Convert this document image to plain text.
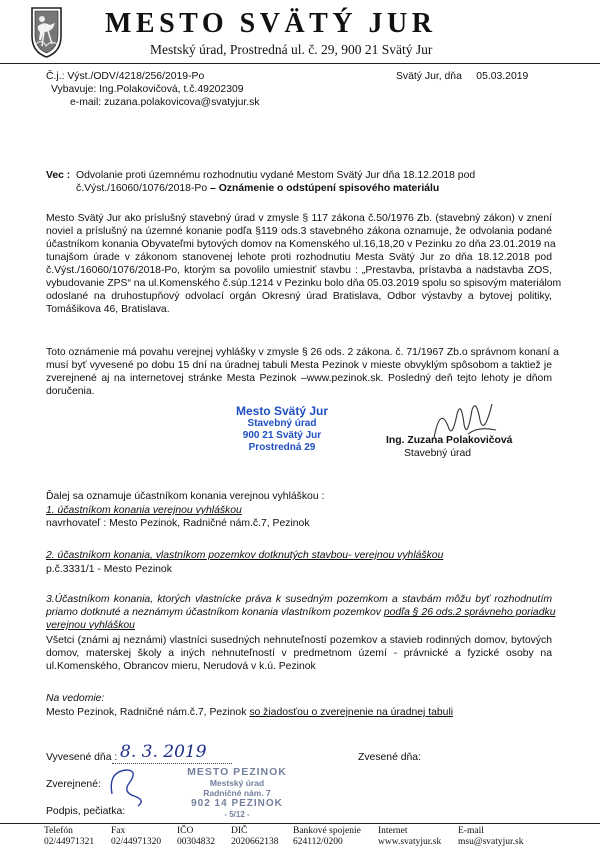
MESTO SVÄTÝ JUR
Mestský úrad, Prostredná ul. č. 29, 900 21 Svätý Jur
Č.j.: Výst./ODV/4218/256/2019-Po
Vybavuje: Ing.Polakovičová, t.č.49202309
e-mail: zuzana.polakovicova@svatyjur.sk
Svätý Jur, dňa 05.03.2019
Vec : Odvolanie proti územnému rozhodnutiu vydané Mestom Svätý Jur dňa 18.12.2018 pod
č.Výst./16060/1076/2018-Po – Oznámenie o odstúpení spisového materiálu
Mesto Svätý Jur ako príslušný stavebný úrad v zmysle § 117 zákona č.50/1976 Zb. (stavebný zákon) v znení
noviel a príslušný na územné konanie podľa §119 ods.3 stavebného zákona oznamuje, že odvolania podané
účastníkom konania Obyvateľmi bytových domov na Komenského ul.16,18,20 v Pezinku zo dňa 23.01.2019 na
tunajšom úrade v zákonom stanovenej lehote proti rozhodnutiu Mesta Svätý Jur zo dňa 18.12.2018 pod
č.Výst./16060/1076/2018-Po, ktorým sa povolilo umiestniť stavbu : „Prestavba, prístavba a nadstavba ZOS,
vybudovanie ZPS“ na ul.Komenského č.súp.1214 v Pezinku bolo dňa 05.03.2019 spolu so spisovým materiálom
odoslané na druhostupňový odvolací orgán Okresný úrad Bratislava, Odbor výstavby a bytovej politiky,
Tomášikova 46, Bratislava.
Toto oznámenie má povahu verejnej vyhlášky v zmysle § 26 ods. 2 zákona. č. 71/1967 Zb.o správnom konaní a
musí byť vyvesené po dobu 15 dní na úradnej tabuli Mesta Pezinok v mieste obvyklým spôsobom a taktiež je
zverejnené aj na internetovej stránke Mesta Pezinok –www.pezinok.sk. Posledný deň tejto lehoty je dňom
doručenia.
Mesto Svätý Jur
Stavebný úrad
900 21 Svätý Jur
Prostredná 29
Ing. Zuzana Polakovičová
Stavebný úrad
Ďalej sa oznamuje účastníkom konania verejnou vyhláškou :
1. účastníkom konania verejnou vyhláškou
navrhovateľ : Mesto Pezinok, Radničné nám.č.7, Pezinok
2. účastníkom konania, vlastníkom pozemkov dotknutých stavbou- verejnou vyhláškou
p.č.3331/1 - Mesto Pezinok
3.Účastníkom konania, ktorých vlastnícke práva k susedným pozemkom a stavbám môžu byť rozhodnutím
priamo dotknuté a neznámym účastníkom konania vlastníkom pozemkov podľa § 26 ods.2 správneho poriadku
verejnou vyhláškou
Všetci (známi aj neznámi) vlastníci susedných nehnuteľností pozemkov a stavieb rodinných domov, bytových
domov, materskej školy a iných nehnuteľností v predmetnom území - právnické a fyzické osoby na
ul.Komenského, Obrancov mieru, Nerudová v k.ú. Pezinok
Na vedomie:
Mesto Pezinok, Radničné nám.č.7, Pezinok so žiadosťou o zverejnenie na úradnej tabuli
Vyvesené dňa : 8. 3. 2019	Zvesené dňa:
Zverejnené:
MESTO PEZINOK
Mestský úrad
Radničné nám. 7
902 14 PEZINOK
- 5/12 -
Podpis, pečiatka:
Telefón
02/44971321
Fax
02/44971320
IČO
00304832
DIČ
2020662138
Bankové spojenie
624112/0200
Internet
www.svatyjur.sk
E-mail
msu@svatyjur.sk
